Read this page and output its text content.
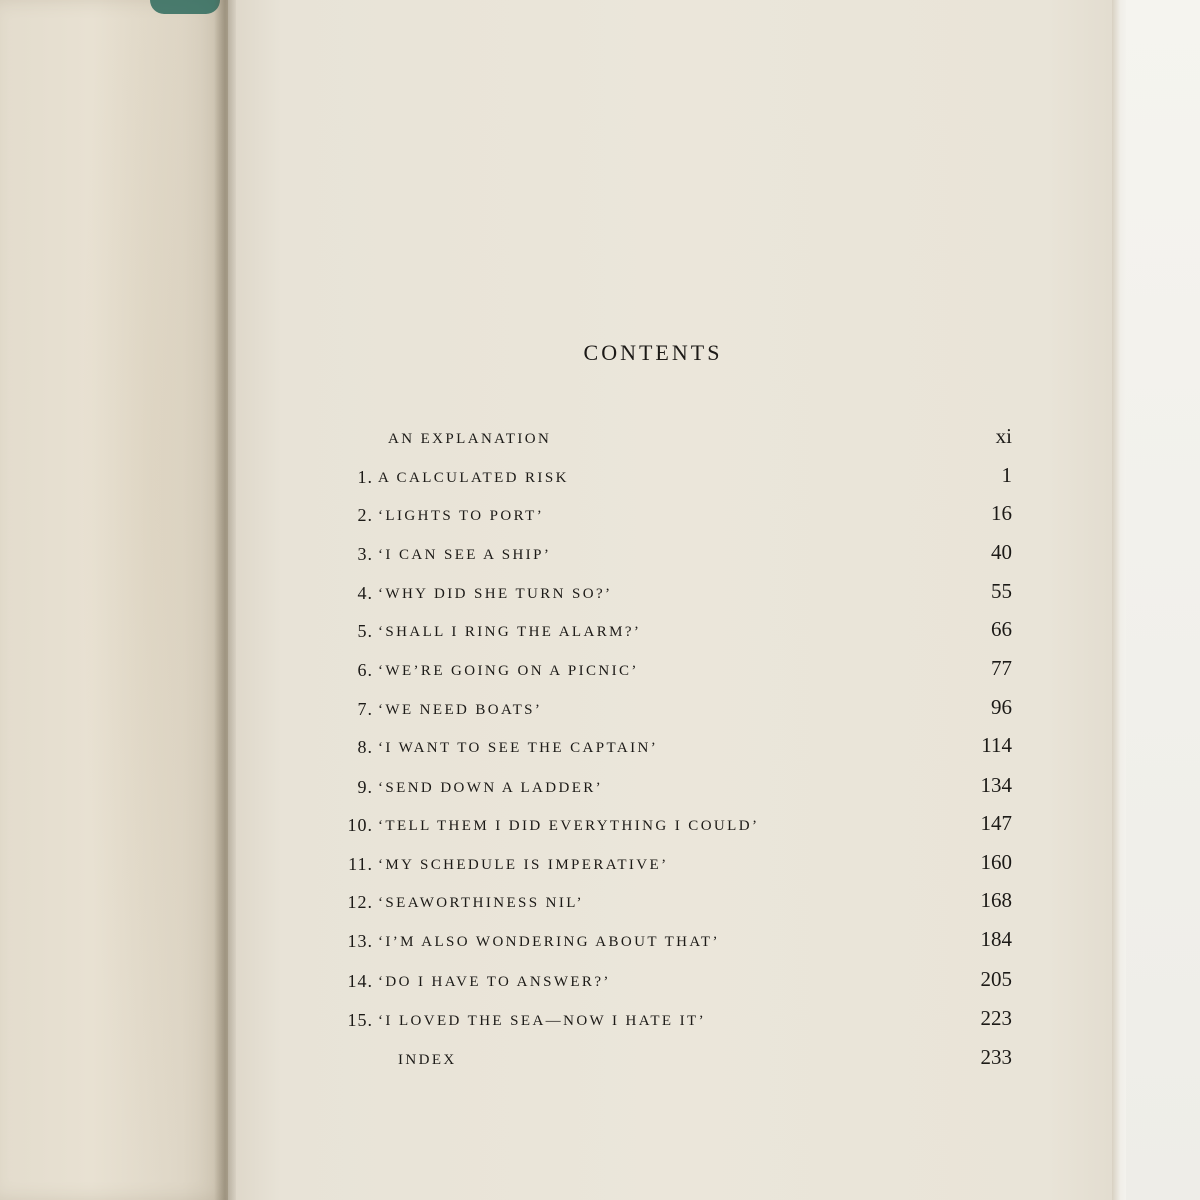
CONTENTS
AN EXPLANATION	xi
1. A CALCULATED RISK	1
2. ‘LIGHTS TO PORT’	16
3. ‘I CAN SEE A SHIP’	40
4. ‘WHY DID SHE TURN SO?’	55
5. ‘SHALL I RING THE ALARM?’	66
6. ‘WE’RE GOING ON A PICNIC’	77
7. ‘WE NEED BOATS’	96
8. ‘I WANT TO SEE THE CAPTAIN’	114
9. ‘SEND DOWN A LADDER’	134
10. ‘TELL THEM I DID EVERYTHING I COULD’	147
11. ‘MY SCHEDULE IS IMPERATIVE’	160
12. ‘SEAWORTHINESS NIL’	168
13. ‘I’M ALSO WONDERING ABOUT THAT’	184
14. ‘DO I HAVE TO ANSWER?’	205
15. ‘I LOVED THE SEA—NOW I HATE IT’	223
INDEX	233
